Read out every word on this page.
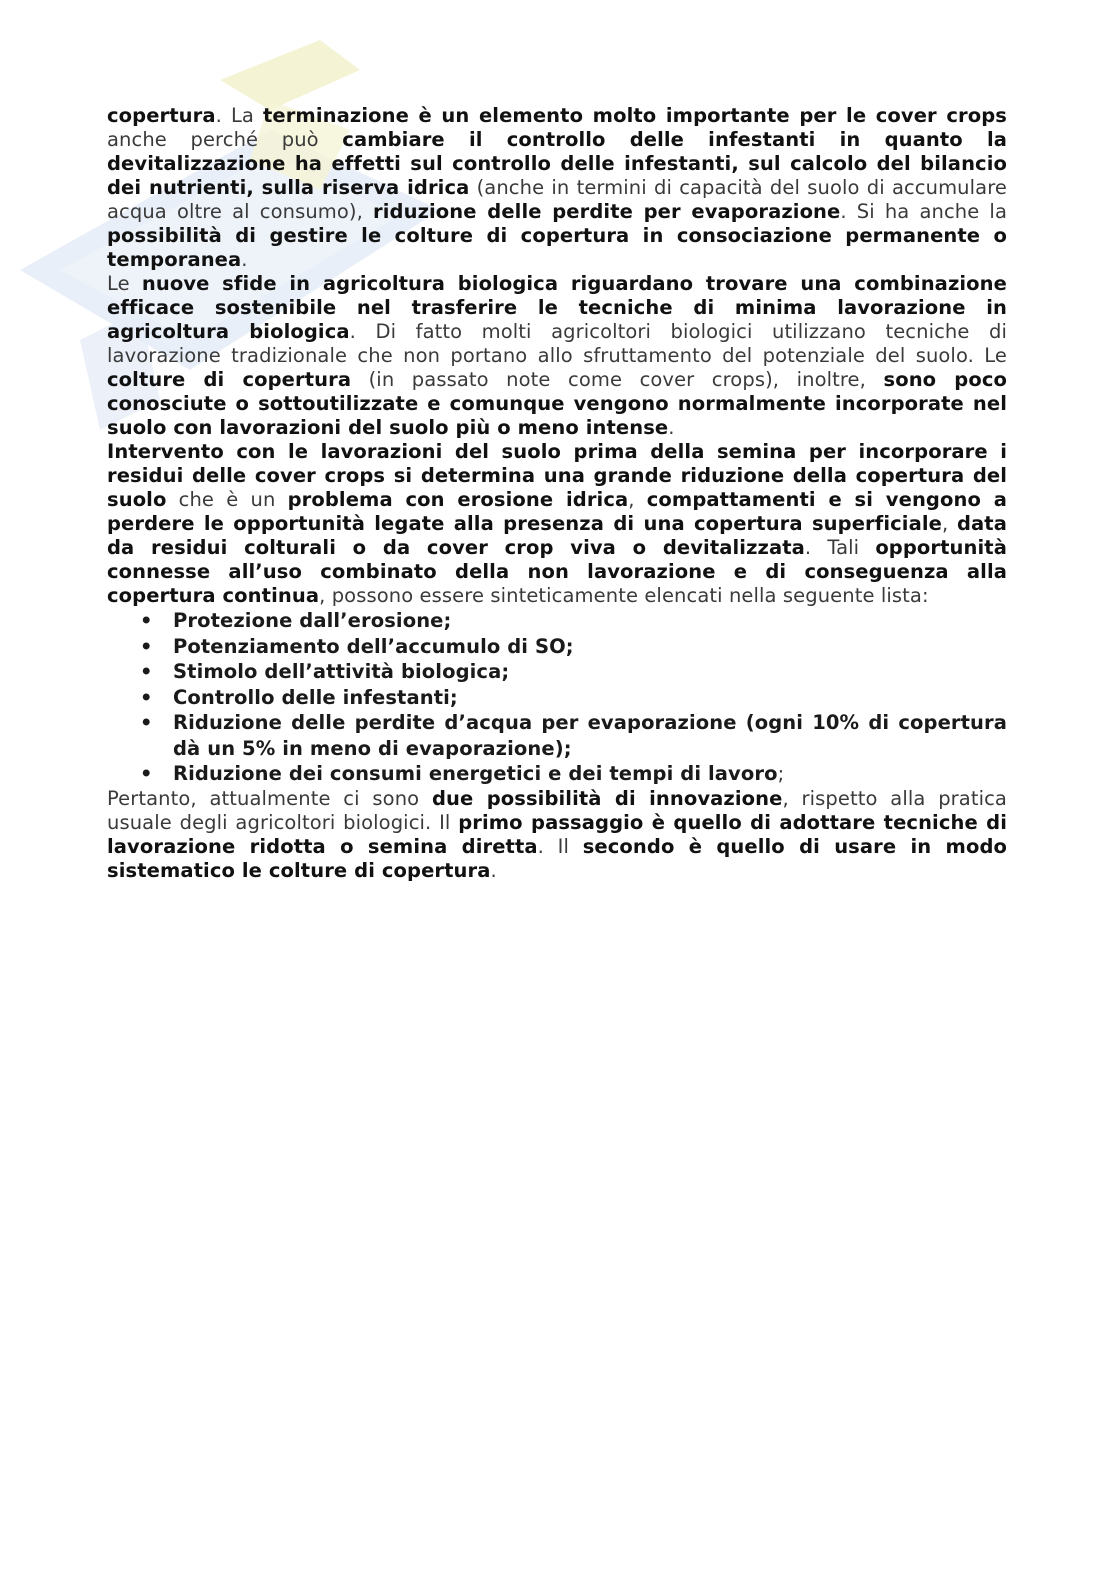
copertura. La terminazione è un elemento molto importante per le cover crops anche perché può cambiare il controllo delle infestanti in quanto la devitalizzazione ha effetti sul controllo delle infestanti, sul calcolo del bilancio dei nutrienti, sulla riserva idrica (anche in termini di capacità del suolo di accumulare acqua oltre al consumo), riduzione delle perdite per evaporazione. Si ha anche la possibilità di gestire le colture di copertura in consociazione permanente o temporanea.

Le nuove sfide in agricoltura biologica riguardano trovare una combinazione efficace sostenibile nel trasferire le tecniche di minima lavorazione in agricoltura biologica. Di fatto molti agricoltori biologici utilizzano tecniche di lavorazione tradizionale che non portano allo sfruttamento del potenziale del suolo. Le colture di copertura (in passato note come cover crops), inoltre, sono poco conosciute o sottoutilizzate e comunque vengono normalmente incorporate nel suolo con lavorazioni del suolo più o meno intense.

Intervento con le lavorazioni del suolo prima della semina per incorporare i residui delle cover crops si determina una grande riduzione della copertura del suolo che è un problema con erosione idrica, compattamenti e si vengono a perdere le opportunità legate alla presenza di una copertura superficiale, data da residui colturali o da cover crop viva o devitalizzata. Tali opportunità connesse all’uso combinato della non lavorazione e di conseguenza alla copertura continua, possono essere sinteticamente elencati nella seguente lista:

• Protezione dall’erosione;
• Potenziamento dell’accumulo di SO;
• Stimolo dell’attività biologica;
• Controllo delle infestanti;
• Riduzione delle perdite d’acqua per evaporazione (ogni 10% di copertura dà un 5% in meno di evaporazione);
• Riduzione dei consumi energetici e dei tempi di lavoro;

Pertanto, attualmente ci sono due possibilità di innovazione, rispetto alla pratica usuale degli agricoltori biologici. Il primo passaggio è quello di adottare tecniche di lavorazione ridotta o semina diretta. Il secondo è quello di usare in modo sistematico le colture di copertura.
